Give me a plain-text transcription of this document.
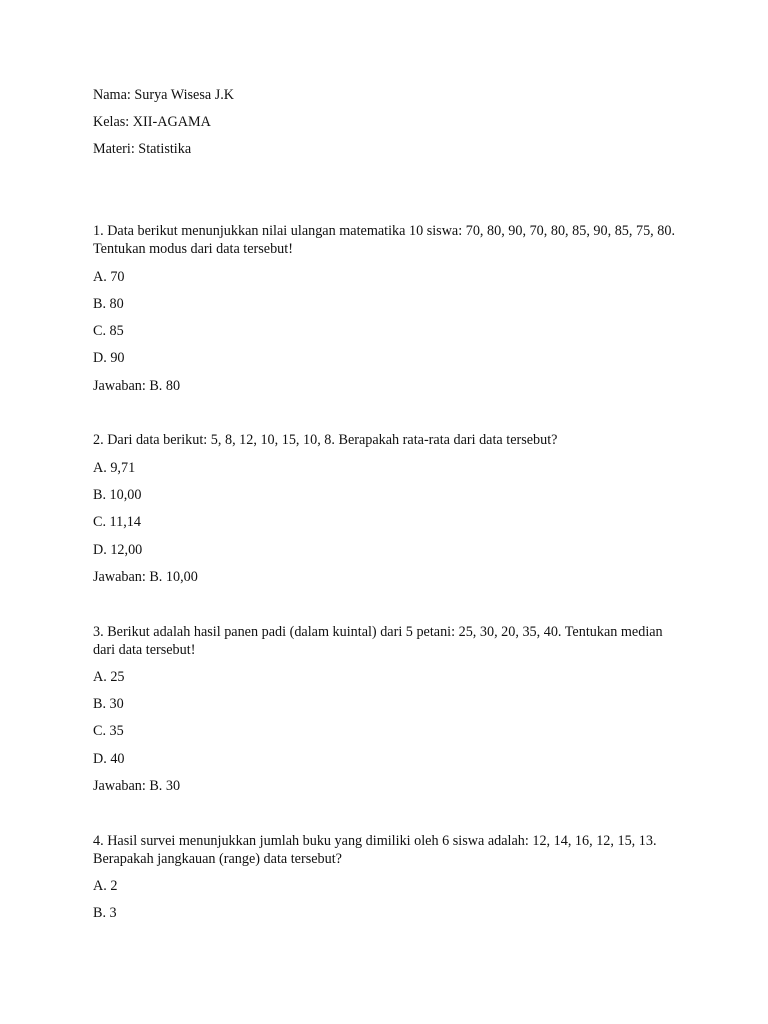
Nama: Surya Wisesa J.K

Kelas: XII-AGAMA

Materi: Statistika

1. Data berikut menunjukkan nilai ulangan matematika 10 siswa: 70, 80, 90, 70, 80, 85, 90, 85, 75, 80.
Tentukan modus dari data tersebut!

A. 70

B. 80

C. 85

D. 90

Jawaban: B. 80

2. Dari data berikut: 5, 8, 12, 10, 15, 10, 8. Berapakah rata-rata dari data tersebut?

A. 9,71

B. 10,00

C. 11,14

D. 12,00

Jawaban: B. 10,00

3. Berikut adalah hasil panen padi (dalam kuintal) dari 5 petani: 25, 30, 20, 35, 40. Tentukan median
dari data tersebut!

A. 25

B. 30

C. 35

D. 40

Jawaban: B. 30

4. Hasil survei menunjukkan jumlah buku yang dimiliki oleh 6 siswa adalah: 12, 14, 16, 12, 15, 13.
Berapakah jangkauan (range) data tersebut?

A. 2

B. 3
